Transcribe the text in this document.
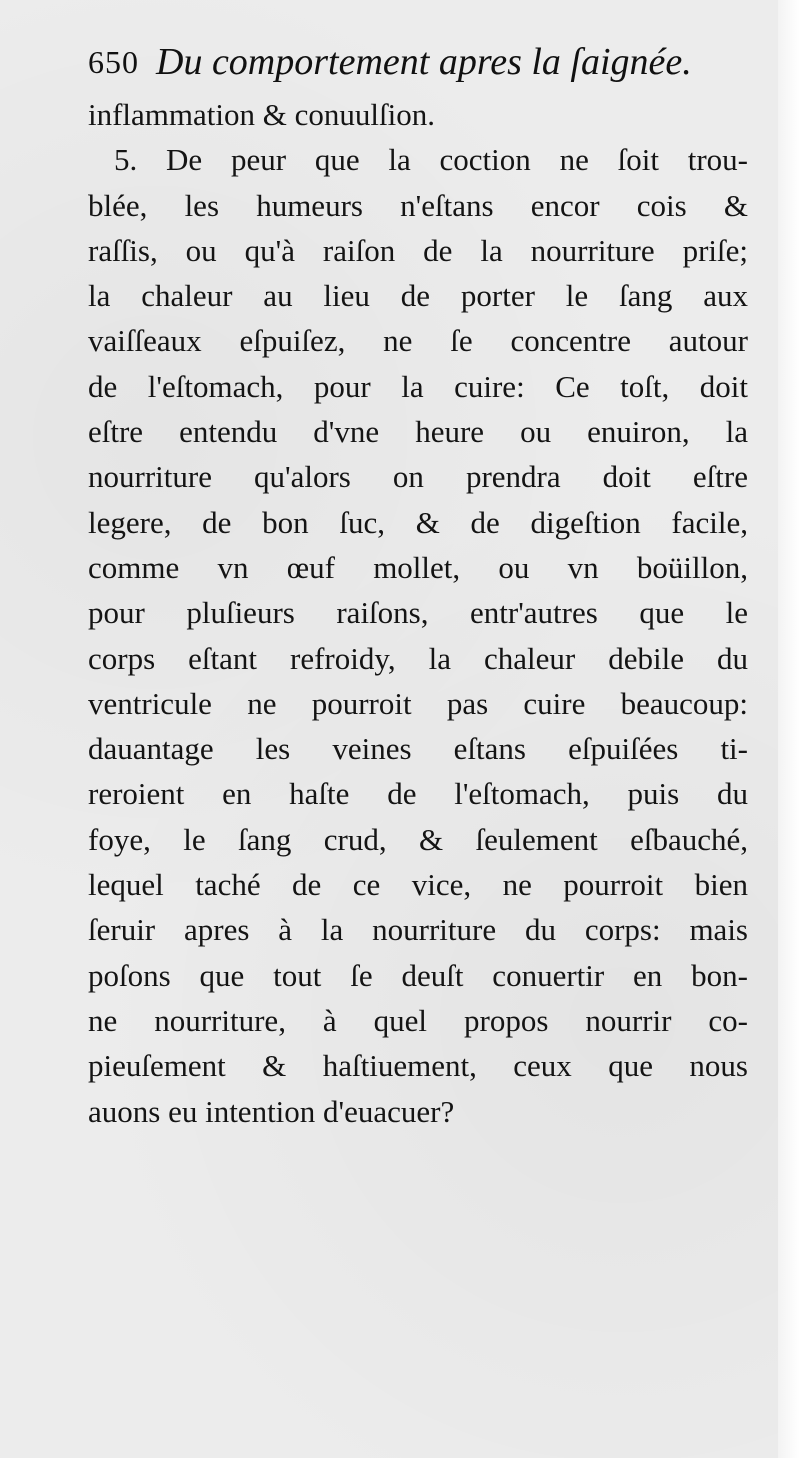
650 Du comportement apres la ſaignée.
inflammation & conuulſion.
5. De peur que la coction ne ſoit trou-
blée, les humeurs n'eſtans encor cois &
raſſis, ou qu'à raiſon de la nourriture priſe;
la chaleur au lieu de porter le ſang aux
vaiſſeaux eſpuiſez, ne ſe concentre autour
de l'eſtomach, pour la cuire: Ce toſt, doit
eſtre entendu d'vne heure ou enuiron, la
nourriture qu'alors on prendra doit eſtre
legere, de bon ſuc, & de digeſtion facile,
comme vn œuf mollet, ou vn boüillon,
pour pluſieurs raiſons, entr'autres que le
corps eſtant refroidy, la chaleur debile du
ventricule ne pourroit pas cuire beaucoup:
dauantage les veines eſtans eſpuiſées ti-
reroient en haſte de l'eſtomach, puis du
foye, le ſang crud, & ſeulement eſbauché,
lequel taché de ce vice, ne pourroit bien
ſeruir apres à la nourriture du corps: mais
poſons que tout ſe deuſt conuertir en bon-
ne nourriture, à quel propos nourrir co-
pieuſement & haſtiuement, ceux que nous
auons eu intention d'euacuer?
